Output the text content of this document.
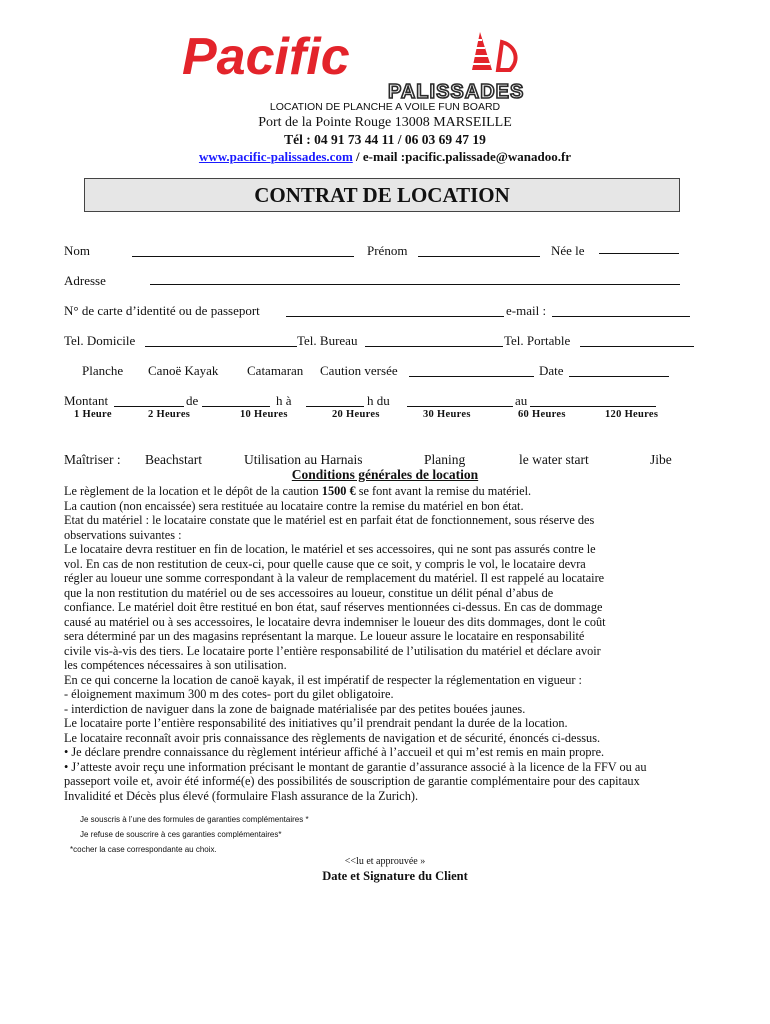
Pacific
PALISSADES
LOCATION DE PLANCHE A VOILE FUN BOARD
Port de la Pointe Rouge 13008 MARSEILLE
Tél : 04 91 73 44 11 / 06 03 69 47 19
www.pacific-palissades.com / e-mail :pacific.palissade@wanadoo.fr
CONTRAT DE LOCATION
Nom	Prénom	Née le
Adresse
N° de carte d’identité ou de passeport	e-mail :
Tel. Domicile	Tel. Bureau	Tel. Portable
Planche Canoë Kayak Catamaran Caution versée	Date
Montant	de	h à	h du	au
1 Heure	2 Heures	10 Heures	20 Heures	30 Heures	60 Heures	120 Heures
Maîtriser : Beachstart	Utilisation au Harnais	Planing	le water start	Jibe
Conditions générales de location
Le règlement de la location et le dépôt de la caution 1500 € se font avant la remise du matériel.
La caution (non encaissée) sera restituée au locataire contre la remise du matériel en bon état.
Etat du matériel : le locataire constate que le matériel est en parfait état de fonctionnement, sous réserve des
observations suivantes :
Le locataire devra restituer en fin de location, le matériel et ses accessoires, qui ne sont pas assurés contre le
vol. En cas de non restitution de ceux-ci, pour quelle cause que ce soit, y compris le vol, le locataire devra
régler au loueur une somme correspondant à la valeur de remplacement du matériel. Il est rappelé au locataire
que la non restitution du matériel ou de ses accessoires au loueur, constitue un délit pénal d’abus de
confiance. Le matériel doit être restitué en bon état, sauf réserves mentionnées ci-dessus. En cas de dommage
causé au matériel ou à ses accessoires, le locataire devra indemniser le loueur des dits dommages, dont le coût
sera déterminé par un des magasins représentant la marque. Le loueur assure le locataire en responsabilité
civile vis-à-vis des tiers. Le locataire porte l’entière responsabilité de l’utilisation du matériel et déclare avoir
les compétences nécessaires à son utilisation.
En ce qui concerne la location de canoë kayak, il est impératif de respecter la réglementation en vigueur :
- éloignement maximum 300 m des cotes- port du gilet obligatoire.
- interdiction de naviguer dans la zone de baignade matérialisée par des petites bouées jaunes.
Le locataire porte l’entière responsabilité des initiatives qu’il prendrait pendant la durée de la location.
Le locataire reconnaît avoir pris connaissance des règlements de navigation et de sécurité, énoncés ci-dessus.
• Je déclare prendre connaissance du règlement intérieur affiché à l’accueil et qui m’est remis en main propre.
• J’atteste avoir reçu une information précisant le montant de garantie d’assurance associé à la licence de la FFV ou au
passeport voile et, avoir été informé(e) des possibilités de souscription de garantie complémentaire pour des capitaux
Invalidité et Décès plus élevé (formulaire Flash assurance de la Zurich).
Je souscris à l’une des formules de garanties complémentaires *
Je refuse de souscrire à ces garanties complémentaires*
*cocher la case correspondante au choix.
<<lu et approuvée »
Date et Signature du Client
